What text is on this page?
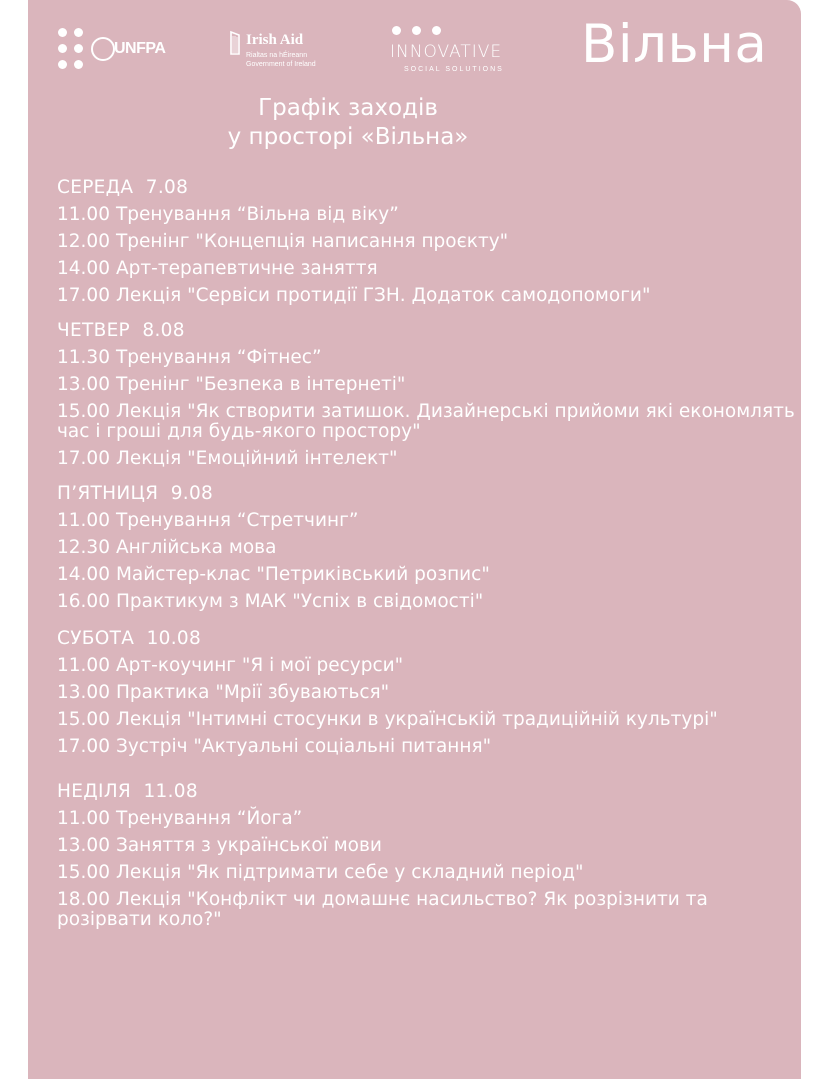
UNFPA	Irish Aid
Rialtas na hÉireann
Government of Ireland
INNOVATIVE
SOCIAL SOLUTIONS Вільна
Графік заходів
у просторі «Вільна»
СЕРЕДА 7.08
11.00 Тренування “Вільна від віку”
12.00 Тренінг "Концепція написання проєкту"
14.00 Арт-терапевтичне заняття
17.00 Лекція "Сервіси протидії ГЗН. Додаток самодопомоги"
ЧЕТВЕР 8.08
11.30 Тренування “Фітнес”
13.00 Тренінг "Безпека в інтернеті"
15.00 Лекція "Як створити затишок. Дизайнерські прийоми які економлять час і гроші для будь-якого простору"
17.00 Лекція "Емоційний інтелект"
П’ЯТНИЦЯ 9.08
11.00 Тренування “Стретчинг”
12.30 Англійська мова
14.00 Майстер-клас "Петриківський розпис"
16.00 Практикум з МАК "Успіх в свідомості"
СУБОТА 10.08
11.00 Арт-коучинг "Я і мої ресурси"
13.00 Практика "Мрії збуваються"
15.00 Лекція "Інтимні стосунки в українській традиційній культурі"
17.00 Зустріч "Актуальні соціальні питання"
НЕДІЛЯ 11.08
11.00 Тренування “Йога”
13.00 Заняття з української мови
15.00 Лекція "Як підтримати себе у складний період"
18.00 Лекція "Конфлікт чи домашнє насильство? Як розрізнити та розірвати коло?"
